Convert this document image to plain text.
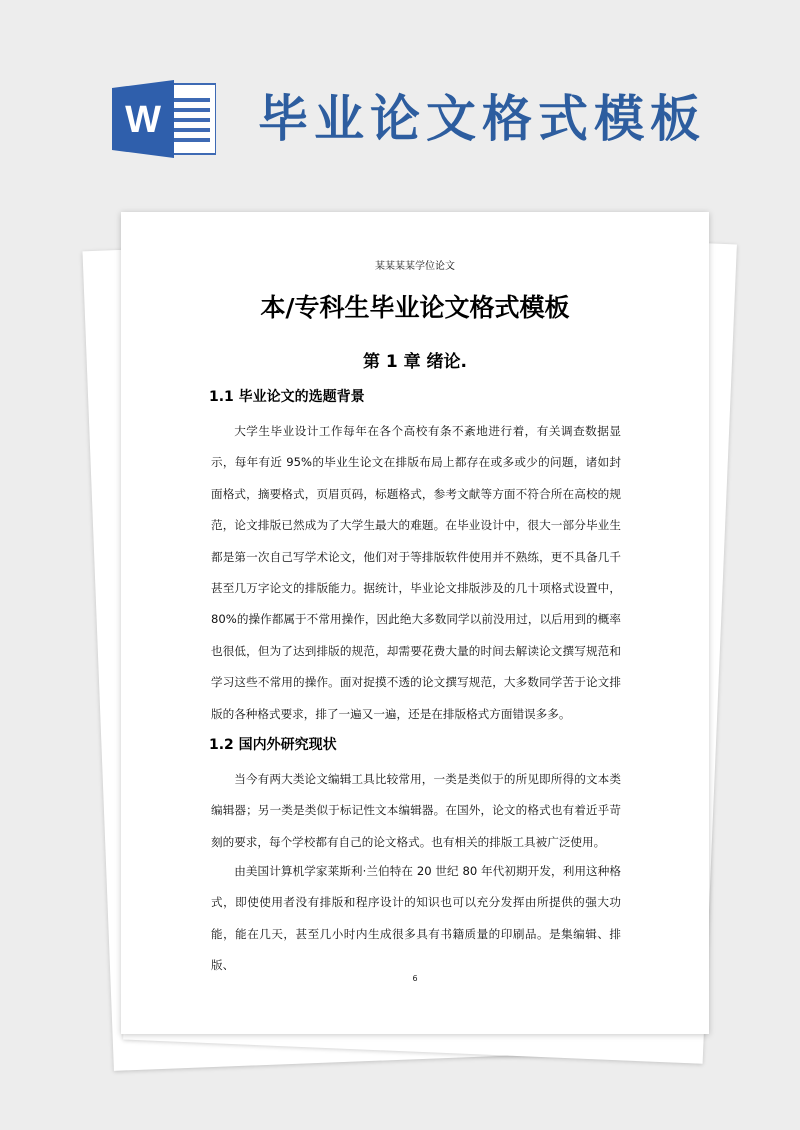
W 毕业论文格式模板
某某某某学位论文
本/专科生毕业论文格式模板
第 1 章 绪论.
1.1 毕业论文的选题背景

大学生毕业设计工作每年在各个高校有条不紊地进行着，有关调查数据显示，每年有近 95%的毕业生论文在排版布局上都存在或多或少的问题，诸如封面格式，摘要格式，页眉页码，标题格式，参考文献等方面不符合所在高校的规范，论文排版已然成为了大学生最大的难题。在毕业设计中，很大一部分毕业生都是第一次自己写学术论文，他们对于等排版软件使用并不熟练，更不具备几千甚至几万字论文的排版能力。据统计，毕业论文排版涉及的几十项格式设置中，80%的操作都属于不常用操作，因此绝大多数同学以前没用过，以后用到的概率也很低，但为了达到排版的规范，却需要花费大量的时间去解读论文撰写规范和学习这些不常用的操作。面对捉摸不透的论文撰写规范，大多数同学苦于论文排版的各种格式要求，排了一遍又一遍，还是在排版格式方面错误多多。

1.2 国内外研究现状

当今有两大类论文编辑工具比较常用，一类是类似于的所见即所得的文本类编辑器；另一类是类似于标记性文本编辑器。在国外，论文的格式也有着近乎苛刻的要求，每个学校都有自己的论文格式。也有相关的排版工具被广泛使用。

由美国计算机学家莱斯利·兰伯特在 20 世纪 80 年代初期开发，利用这种格式，即使使用者没有排版和程序设计的知识也可以充分发挥由所提供的强大功能，能在几天，甚至几小时内生成很多具有书籍质量的印刷品。是集编辑、排版、

6
